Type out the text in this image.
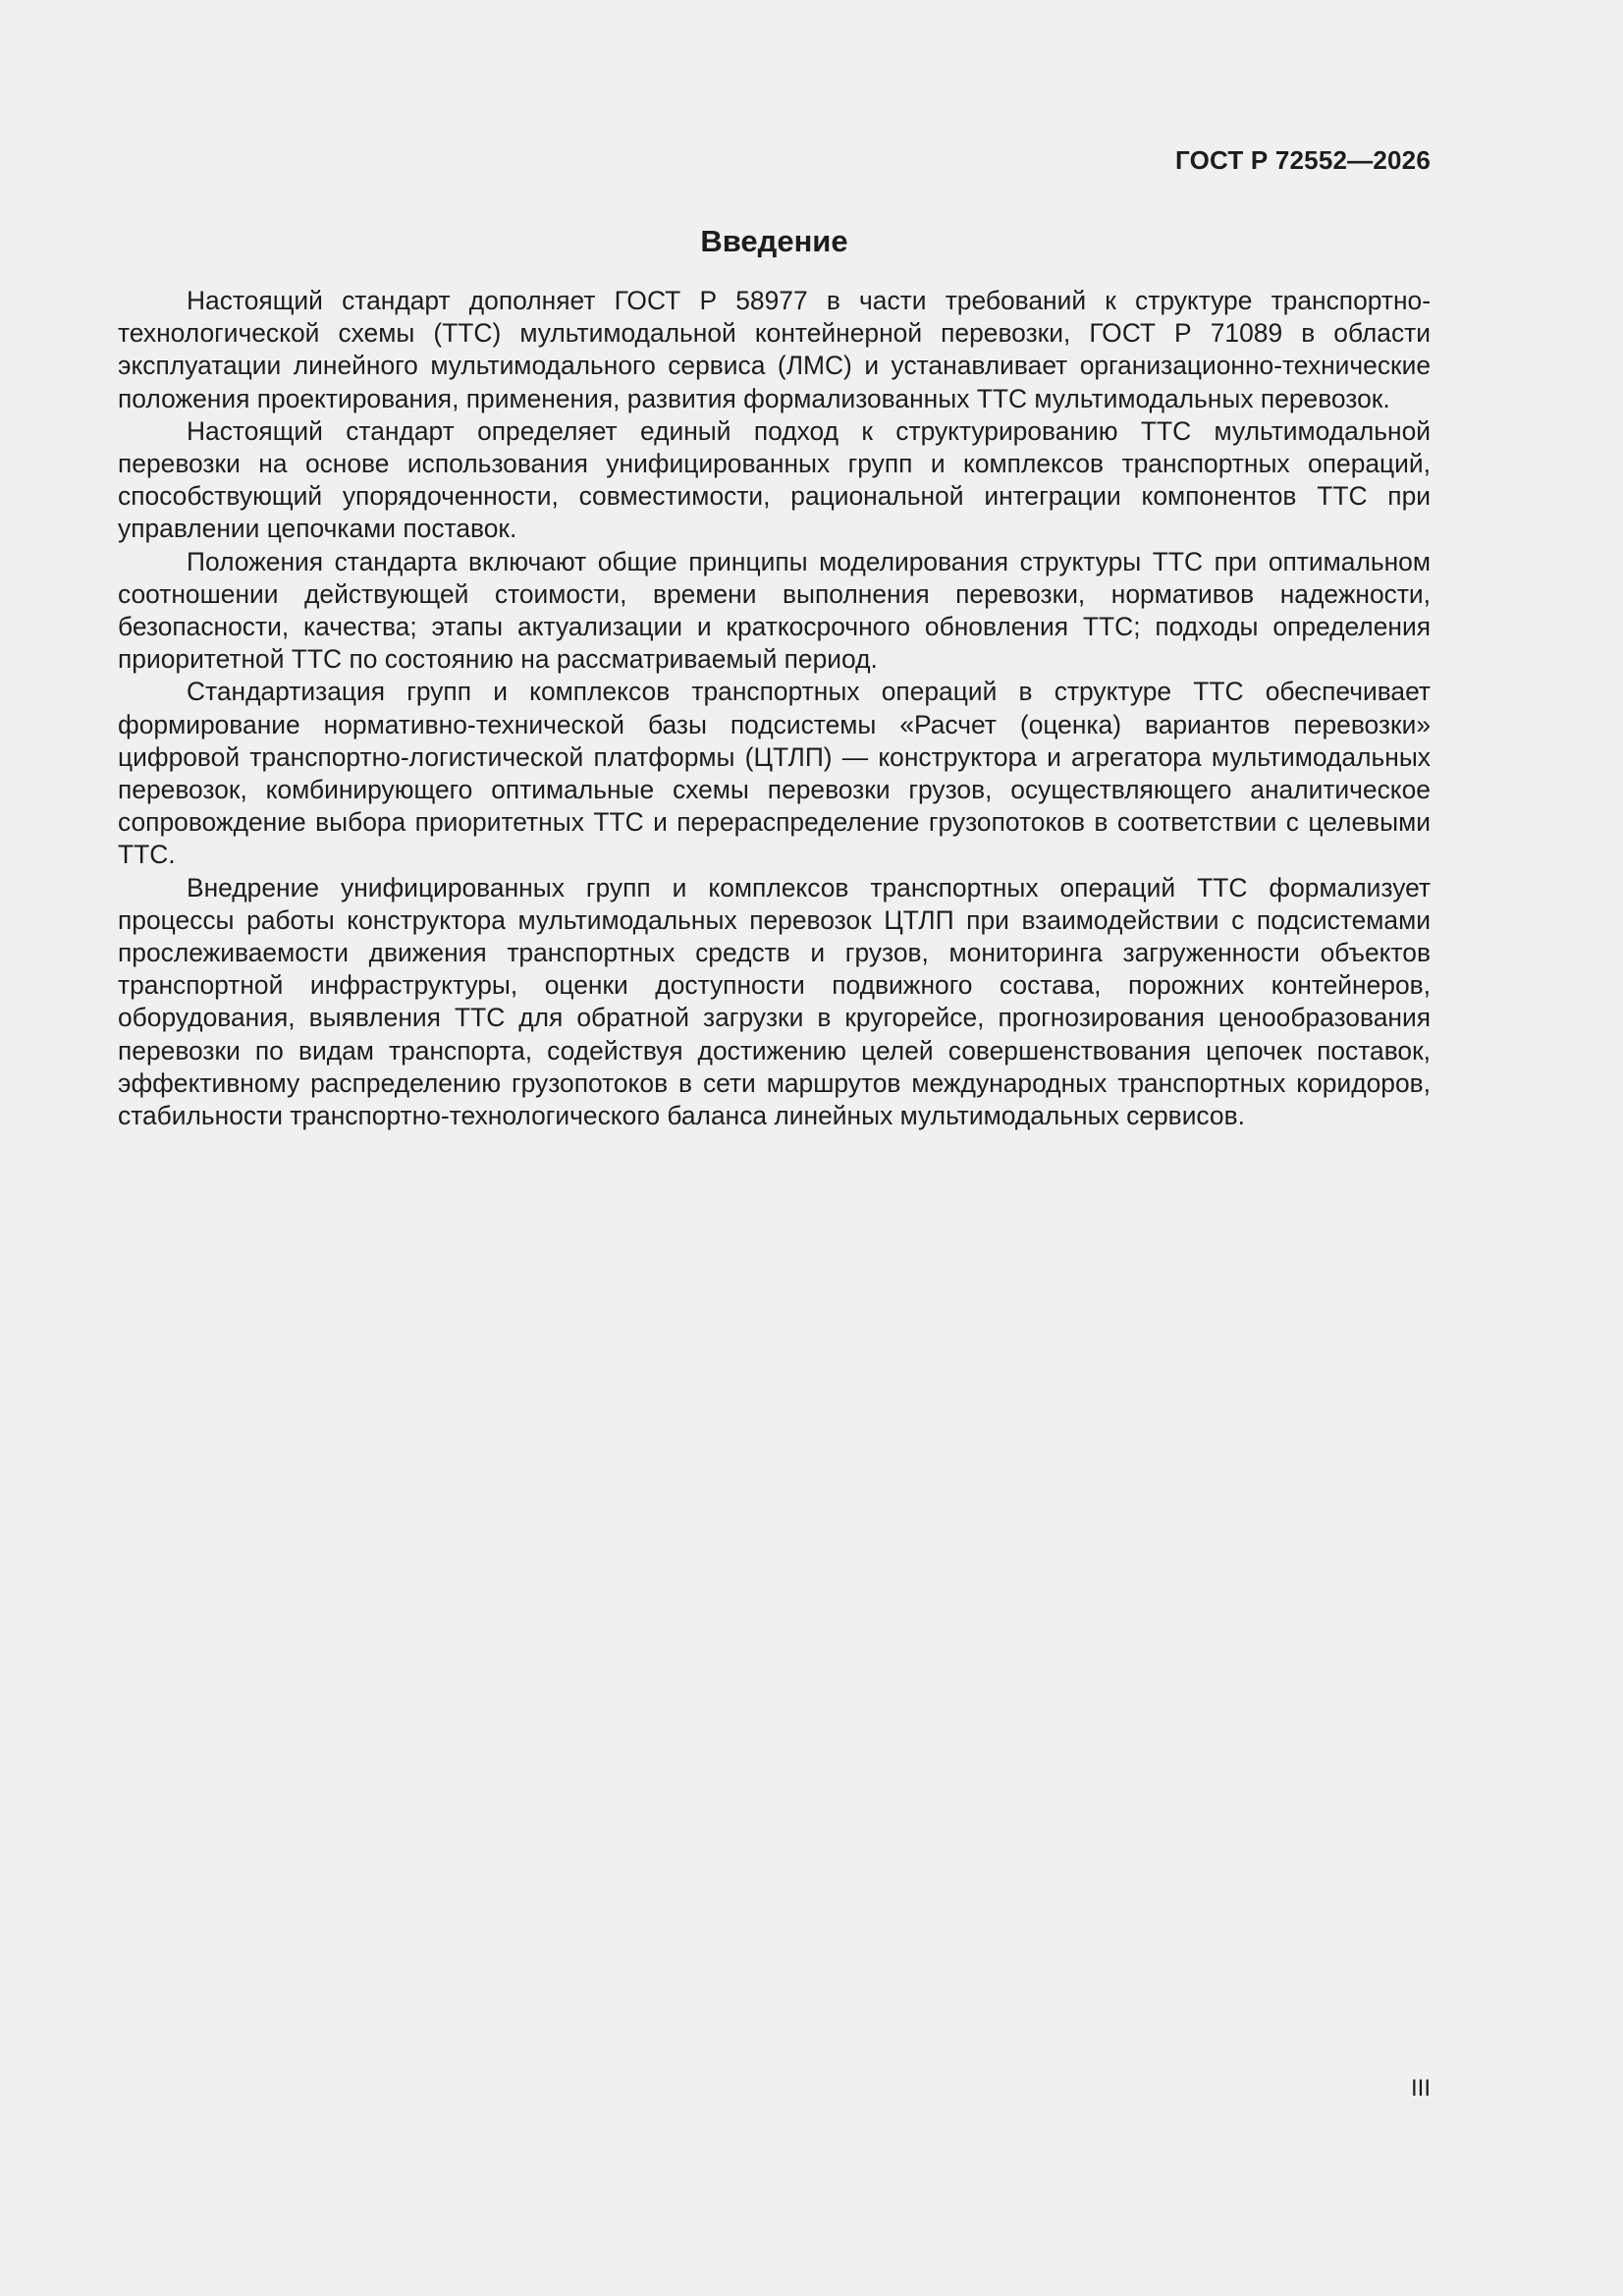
ГОСТ Р 72552—2026
Введение

Настоящий стандарт дополняет ГОСТ Р 58977 в части требований к структуре транспортно-технологической схемы (ТТС) мультимодальной контейнерной перевозки, ГОСТ Р 71089 в области эксплуатации линейного мультимодального сервиса (ЛМС) и устанавливает организационно-технические положения проектирования, применения, развития формализованных ТТС мультимодальных перевозок.

Настоящий стандарт определяет единый подход к структурированию ТТС мультимодальной перевозки на основе использования унифицированных групп и комплексов транспортных операций, способствующий упорядоченности, совместимости, рациональной интеграции компонентов ТТС при управлении цепочками поставок.

Положения стандарта включают общие принципы моделирования структуры ТТС при оптимальном соотношении действующей стоимости, времени выполнения перевозки, нормативов надежности, безопасности, качества; этапы актуализации и краткосрочного обновления ТТС; подходы определения приоритетной ТТС по состоянию на рассматриваемый период.

Стандартизация групп и комплексов транспортных операций в структуре ТТС обеспечивает формирование нормативно-технической базы подсистемы «Расчет (оценка) вариантов перевозки» цифровой транспортно-логистической платформы (ЦТЛП) — конструктора и агрегатора мультимодальных перевозок, комбинирующего оптимальные схемы перевозки грузов, осуществляющего аналитическое сопровождение выбора приоритетных ТТС и перераспределение грузопотоков в соответствии с целевыми ТТС.

Внедрение унифицированных групп и комплексов транспортных операций ТТС формализует процессы работы конструктора мультимодальных перевозок ЦТЛП при взаимодействии с подсистемами прослеживаемости движения транспортных средств и грузов, мониторинга загруженности объектов транспортной инфраструктуры, оценки доступности подвижного состава, порожних контейнеров, оборудования, выявления ТТС для обратной загрузки в кругорейсе, прогнозирования ценообразования перевозки по видам транспорта, содействуя достижению целей совершенствования цепочек поставок, эффективному распределению грузопотоков в сети маршрутов международных транспортных коридоров, стабильности транспортно-технологического баланса линейных мультимодальных сервисов.

III
